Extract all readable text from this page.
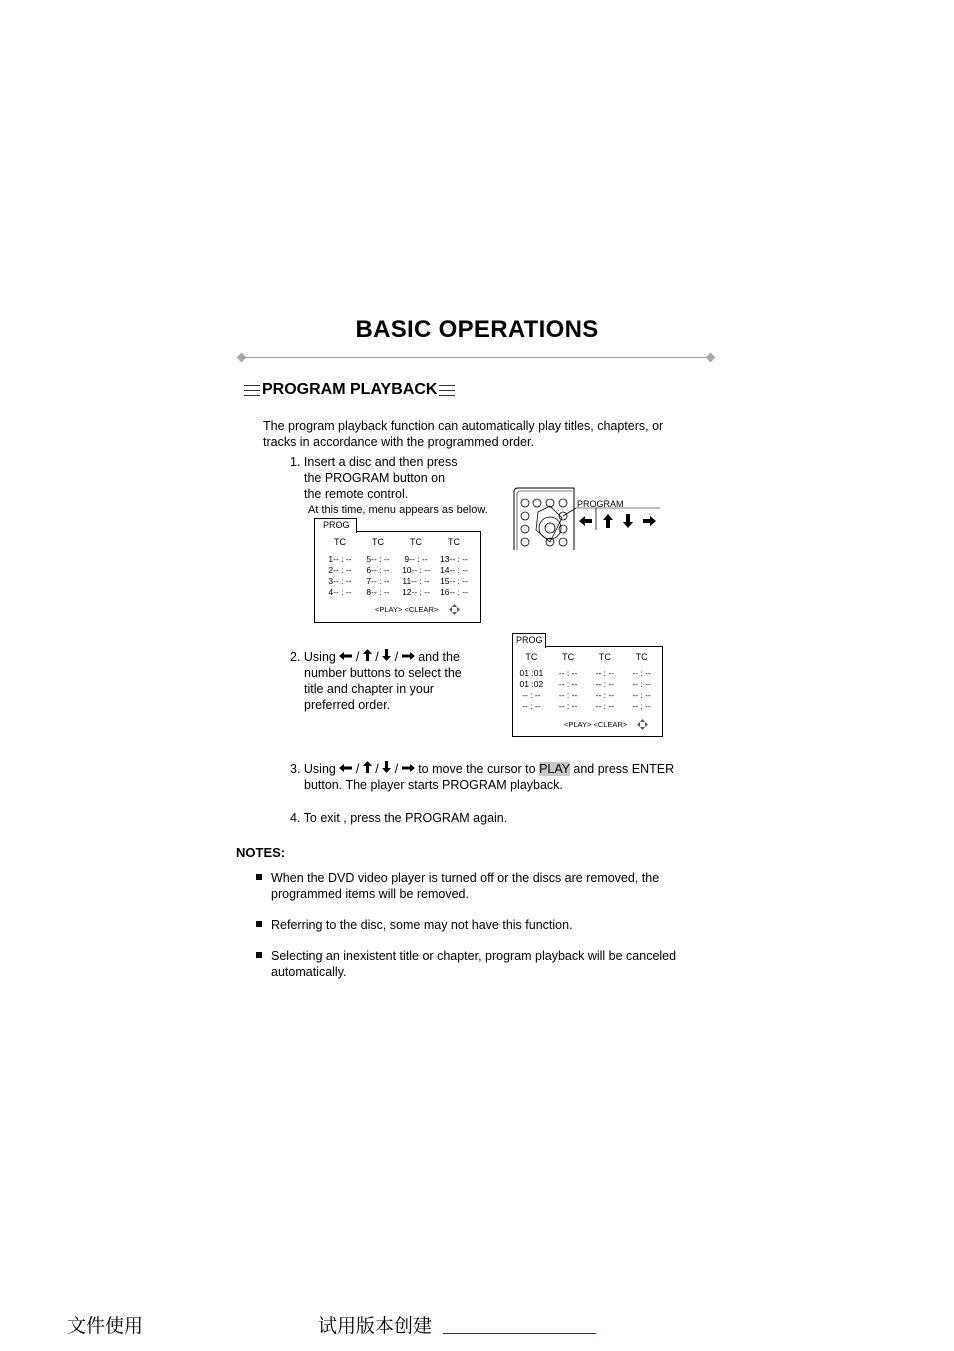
BASIC OPERATIONS
PROGRAM PLAYBACK
The program playback function can automatically play titles, chapters, or
tracks in accordance with the programmed order.
1. Insert a disc and then press
the PROGRAM button on
the remote control.
At this time, menu appears as below.
PROG
TC	TC	TC	TC
1-- : --	5-- : --	9-- : --	13-- : --
2-- : --	6-- : --	10-- : --	14-- : --
3-- : --	7-- : --	11-- : --	15-- : --
4-- : --	8-- : --	12-- : --	16-- : --
<PLAY> <CLEAR>
PROGRAM
PROG
TC	TC	TC	TC
01 :01	-- : --	-- : --	-- : --
01 :02	-- : --	-- : --	-- : --
-- : --	-- : --	-- : --	-- : --
-- : --	-- : --	-- : --	-- : --
<PLAY> <CLEAR>
2. Using / / / and the
number buttons to select the
title and chapter in your
preferred order.
3. Using / / / to move the cursor to PLAY and press ENTER
button. The player starts PROGRAM playback.
4. To exit , press the PROGRAM again.
NOTES:
When the DVD video player is turned off or the discs are removed, the
programmed items will be removed.
Referring to the disc, some may not have this function.
Selecting an inexistent title or chapter, program playback will be canceled
automatically.
文件使用	试用版本创建
